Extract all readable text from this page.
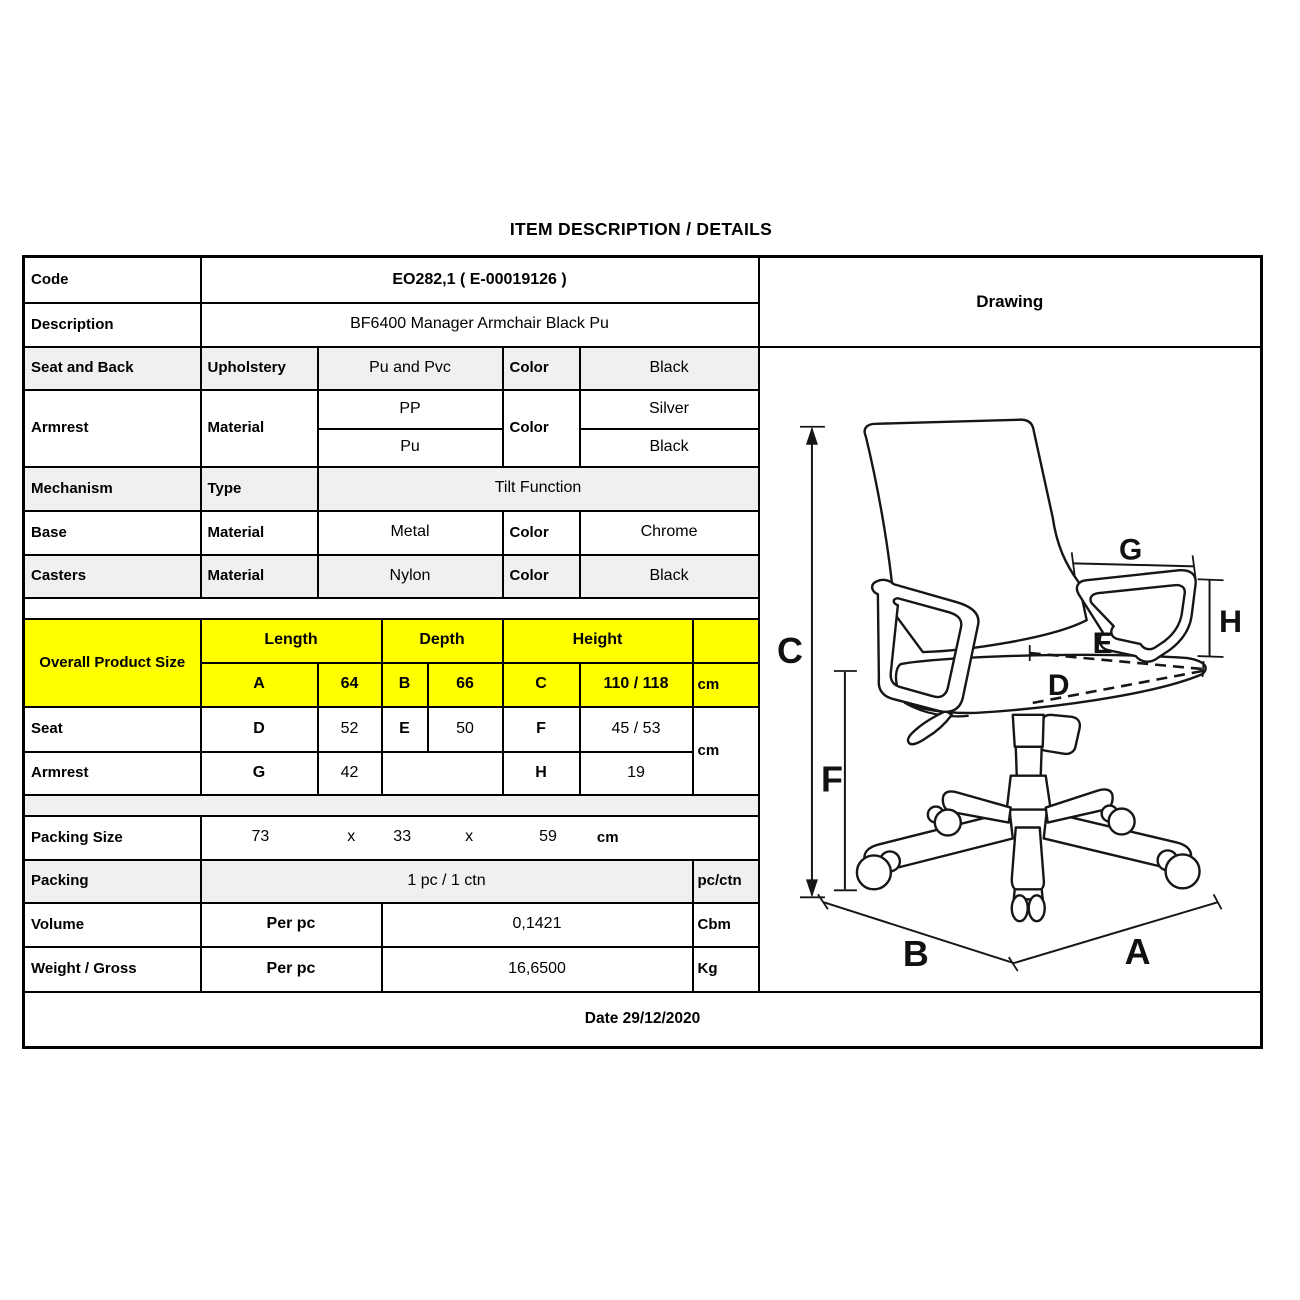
ITEM DESCRIPTION / DETAILS
Code	EO282,1 ( E-00019126 )							Drawing
Description	BF6400 Manager Armchair Black Pu							
Seat and Back	Upholstery	Pu and Pvc	Color	Black	
C
F
G
H
E
D
B	A

Armrest	Material	PP			Color	Silver		
		Pu				Black		
Mechanism	Type	Tilt Function						
Base	Material	Metal			Color	Chrome		
Casters	Material	Nylon			Color	Black		

Overall Product Size	Length		Depth		Height			
	A	64	B	66	C	110 / 118	cm	
Seat	D	52	E	50	F	45 / 53	cm	
Armrest	G	42			H	19		

Packing Size	73	x 33	x	59	cm

Packing	1 pc / 1 ctn						pc/ctn	
Volume	Per pc		0,1421				Cbm	
Weight / Gross	Per pc		16,6500				Kg	
Date 29/12/2020								
